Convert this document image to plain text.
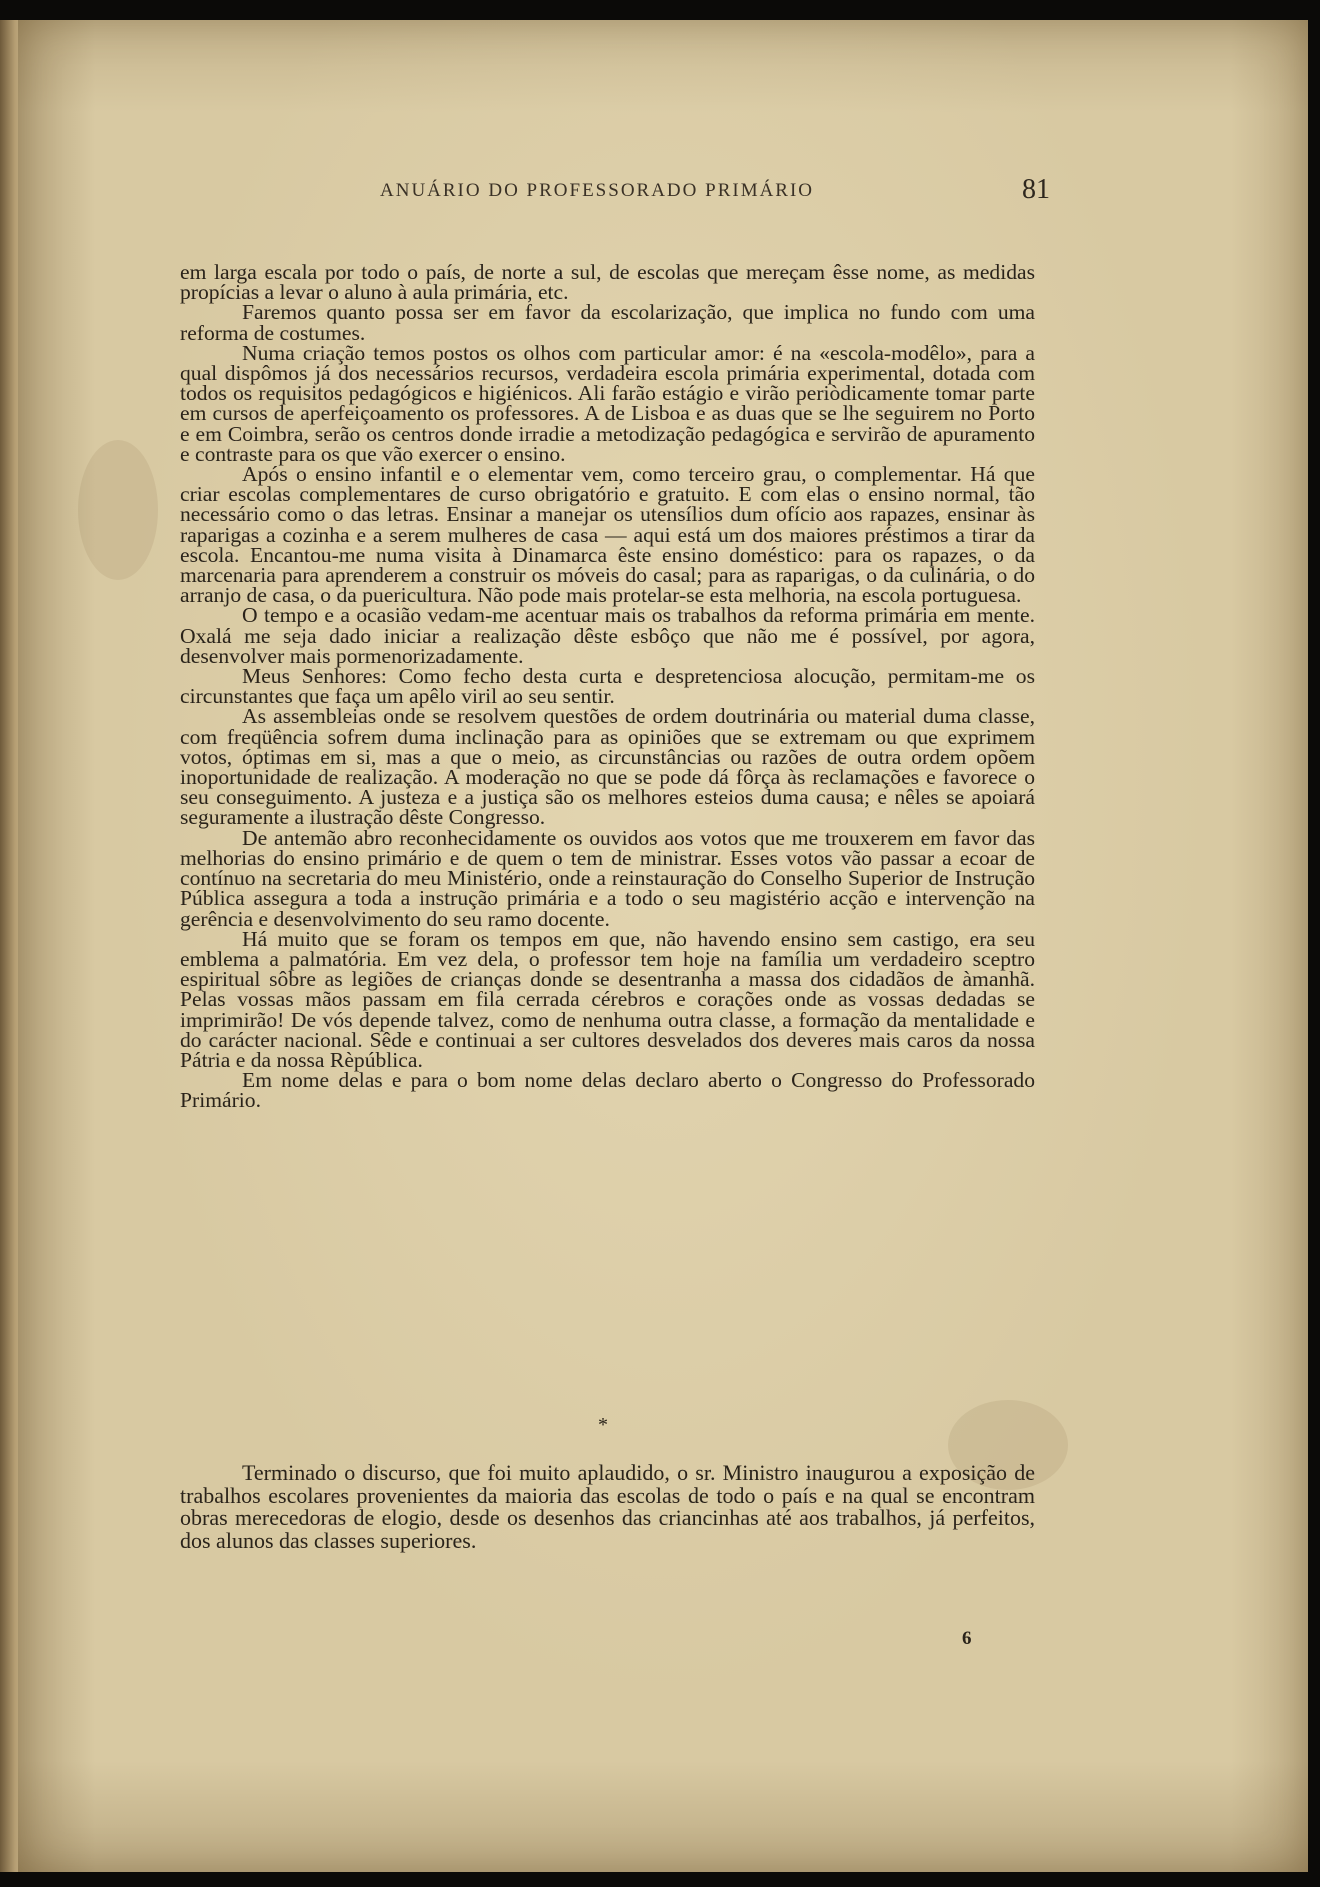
ANUÁRIO DO PROFESSORADO PRIMÁRIO	81

em larga escala por todo o país, de norte a sul, de escolas que mereçam êsse nome, as medidas propícias a levar o aluno à aula primária, etc.

Faremos quanto possa ser em favor da escolarização, que implica no fundo com uma reforma de costumes.

Numa criação temos postos os olhos com particular amor: é na «escola-modêlo», para a qual dispômos já dos necessários recursos, verdadeira escola primária experimental, dotada com todos os requisitos pedagógicos e higiénicos. Ali farão estágio e virão periòdicamente tomar parte em cursos de aperfeiçoamento os professores. A de Lisboa e as duas que se lhe seguirem no Porto e em Coimbra, serão os centros donde irradie a metodização pedagógica e servirão de apuramento e contraste para os que vão exercer o ensino.

Após o ensino infantil e o elementar vem, como terceiro grau, o complementar. Há que criar escolas complementares de curso obrigatório e gratuito. E com elas o ensino normal, tão necessário como o das letras. Ensinar a manejar os utensílios dum ofício aos rapazes, ensinar às raparigas a cozinha e a serem mulheres de casa — aqui está um dos maiores préstimos a tirar da escola. Encantou-me numa visita à Dinamarca êste ensino doméstico: para os rapazes, o da marcenaria para aprenderem a construir os móveis do casal; para as raparigas, o da culinária, o do arranjo de casa, o da puericultura. Não pode mais protelar-se esta melhoria, na escola portuguesa.

O tempo e a ocasião vedam-me acentuar mais os trabalhos da reforma primária em mente. Oxalá me seja dado iniciar a realização dêste esbôço que não me é possível, por agora, desenvolver mais pormenorizadamente.

Meus Senhores: Como fecho desta curta e despretenciosa alocução, permitam-me os circunstantes que faça um apêlo viril ao seu sentir.

As assembleias onde se resolvem questões de ordem doutrinária ou material duma classe, com freqüência sofrem duma inclinação para as opiniões que se extremam ou que exprimem votos, óptimas em si, mas a que o meio, as circunstâncias ou razões de outra ordem opõem inoportunidade de realização. A moderação no que se pode dá fôrça às reclamações e favorece o seu conseguimento. A justeza e a justiça são os melhores esteios duma causa; e nêles se apoiará seguramente a ilustração dêste Congresso.

De antemão abro reconhecidamente os ouvidos aos votos que me trouxerem em favor das melhorias do ensino primário e de quem o tem de ministrar. Esses votos vão passar a ecoar de contínuo na secretaria do meu Ministério, onde a reinstauração do Conselho Superior de Instrução Pública assegura a toda a instrução primária e a todo o seu magistério acção e intervenção na gerência e desenvolvimento do seu ramo docente.

Há muito que se foram os tempos em que, não havendo ensino sem castigo, era seu emblema a palmatória. Em vez dela, o professor tem hoje na família um verdadeiro sceptro espiritual sôbre as legiões de crianças donde se desentranha a massa dos cidadãos de àmanhã. Pelas vossas mãos passam em fila cerrada cérebros e corações onde as vossas dedadas se imprimirão! De vós depende talvez, como de nenhuma outra classe, a formação da mentalidade e do carácter nacional. Sêde e continuai a ser cultores desvelados dos deveres mais caros da nossa Pátria e da nossa Rèpública.

Em nome delas e para o bom nome delas declaro aberto o Congresso do Professorado Primário.

*

Terminado o discurso, que foi muito aplaudido, o sr. Ministro inaugurou a exposição de trabalhos escolares provenientes da maioria das escolas de todo o país e na qual se encontram obras merecedoras de elogio, desde os desenhos das criancinhas até aos trabalhos, já perfeitos, dos alunos das classes superiores.

6
